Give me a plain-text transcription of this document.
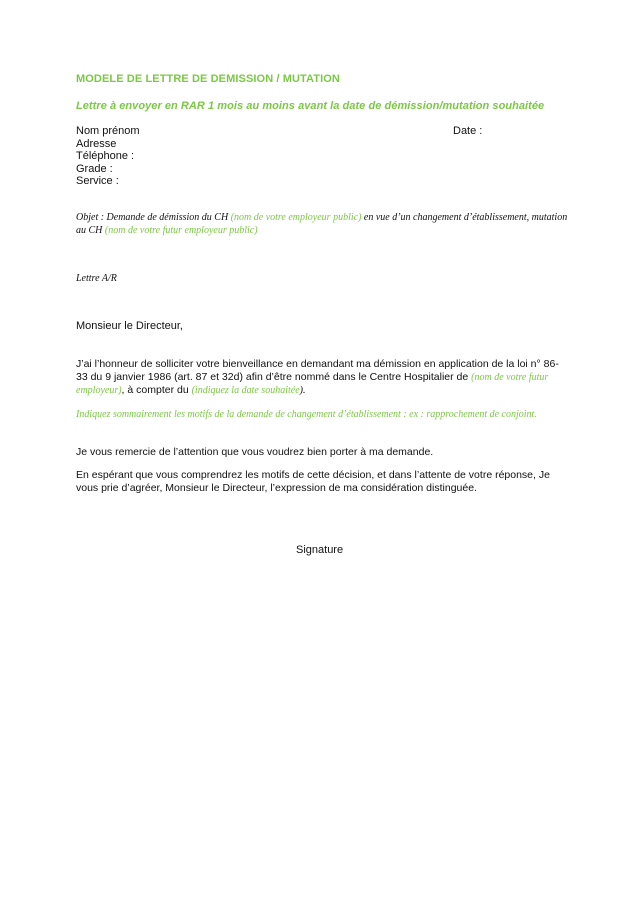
MODELE DE LETTRE DE DEMISSION / MUTATION
Lettre à envoyer en RAR 1 mois au moins avant la date de démission/mutation souhaitée
Nom prénom
Adresse
Téléphone :
Grade :
Service :
Date :
Objet : Demande de démission du CH (nom de votre employeur public) en vue d’un changement d’établissement, mutation au CH (nom de votre futur employeur public)
Lettre A/R
Monsieur le Directeur,
J’ai l’honneur de solliciter votre bienveillance en demandant ma démission en application de la loi n° 86-33 du 9 janvier 1986 (art. 87 et 32d) afin d’être nommé dans le Centre Hospitalier de (nom de votre futur employeur), à compter du (indiquez la date souhaitée).
Indiquez sommairement les motifs de la demande de changement d’établissement : ex : rapprochement de conjoint.
Je vous remercie de l’attention que vous voudrez bien porter à ma demande.
En espérant que vous comprendrez les motifs de cette décision, et dans l’attente de votre réponse, Je vous prie d’agréer, Monsieur le Directeur, l’expression de ma considération distinguée.
Signature
